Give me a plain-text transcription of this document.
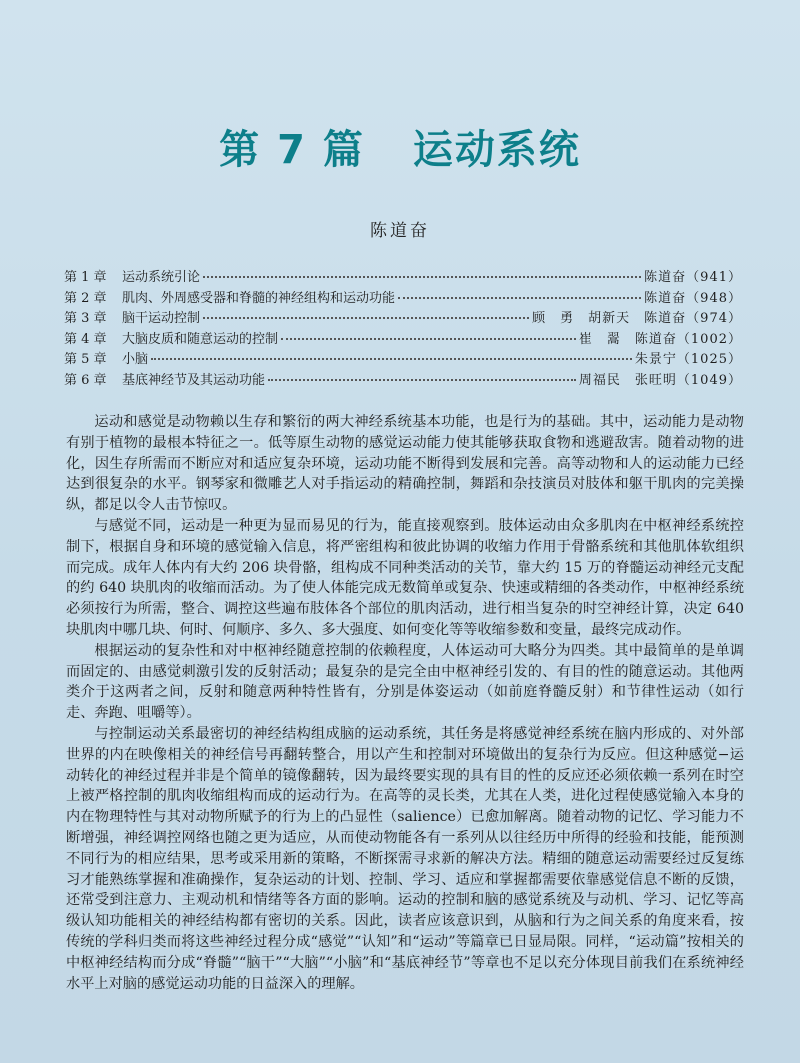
第 7 篇 运动系统
陈道奋
第 1 章	运动系统引论	陈道奋（941）
第 2 章	肌肉、外周感受器和脊髓的神经组构和运动功能	陈道奋（948）
第 3 章	脑干运动控制	顾　勇　胡新天　陈道奋（974）
第 4 章	大脑皮质和随意运动的控制	崔　翯　陈道奋（1002）
第 5 章	小脑	朱景宁（1025）
第 6 章	基底神经节及其运动功能	周福民　张旺明（1049）

运动和感觉是动物赖以生存和繁衍的两大神经系统基本功能，也是行为的基础。其中，运动能力是动物有别于植物的最根本特征之一。低等原生动物的感觉运动能力使其能够获取食物和逃避敌害。随着动物的进化，因生存所需而不断应对和适应复杂环境，运动功能不断得到发展和完善。高等动物和人的运动能力已经达到很复杂的水平。钢琴家和微雕艺人对手指运动的精确控制，舞蹈和杂技演员对肢体和躯干肌肉的完美操纵，都足以令人击节惊叹。

与感觉不同，运动是一种更为显而易见的行为，能直接观察到。肢体运动由众多肌肉在中枢神经系统控制下，根据自身和环境的感觉输入信息，将严密组构和彼此协调的收缩力作用于骨骼系统和其他肌体软组织而完成。成年人体内有大约 206 块骨骼，组构成不同种类活动的关节，靠大约 15 万的脊髓运动神经元支配的约 640 块肌肉的收缩而活动。为了使人体能完成无数简单或复杂、快速或精细的各类动作，中枢神经系统必须按行为所需，整合、调控这些遍布肢体各个部位的肌肉活动，进行相当复杂的时空神经计算，决定 640 块肌肉中哪几块、何时、何顺序、多久、多大强度、如何变化等等收缩参数和变量，最终完成动作。

根据运动的复杂性和对中枢神经随意控制的依赖程度，人体运动可大略分为四类。其中最简单的是单调而固定的、由感觉刺激引发的反射活动；最复杂的是完全由中枢神经引发的、有目的性的随意运动。其他两类介于这两者之间，反射和随意两种特性皆有，分别是体姿运动（如前庭脊髓反射）和节律性运动（如行走、奔跑、咀嚼等）。

与控制运动关系最密切的神经结构组成脑的运动系统，其任务是将感觉神经系统在脑内形成的、对外部世界的内在映像相关的神经信号再翻转整合，用以产生和控制对环境做出的复杂行为反应。但这种感觉−运动转化的神经过程并非是个简单的镜像翻转，因为最终要实现的具有目的性的反应还必须依赖一系列在时空上被严格控制的肌肉收缩组构而成的运动行为。在高等的灵长类，尤其在人类，进化过程使感觉输入本身的内在物理特性与其对动物所赋予的行为上的凸显性（salience）已愈加解离。随着动物的记忆、学习能力不断增强，神经调控网络也随之更为适应，从而使动物能各有一系列从以往经历中所得的经验和技能，能预测不同行为的相应结果，思考或采用新的策略，不断探需寻求新的解决方法。精细的随意运动需要经过反复练习才能熟练掌握和准确操作，复杂运动的计划、控制、学习、适应和掌握都需要依靠感觉信息不断的反馈，还常受到注意力、主观动机和情绪等各方面的影响。运动的控制和脑的感觉系统及与动机、学习、记忆等高级认知功能相关的神经结构都有密切的关系。因此，读者应该意识到，从脑和行为之间关系的角度来看，按传统的学科归类而将这些神经过程分成“感觉”“认知”和“运动”等篇章已日显局限。同样，“运动篇”按相关的中枢神经结构而分成“脊髓”“脑干”“大脑”“小脑”和“基底神经节”等章也不足以充分体现目前我们在系统神经水平上对脑的感觉运动功能的日益深入的理解。
